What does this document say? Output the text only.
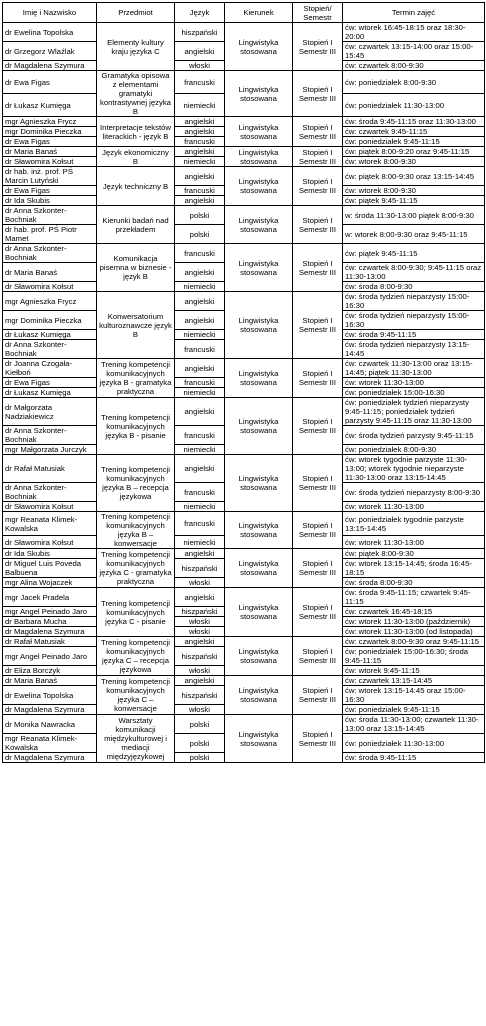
Imię i Nazwisko	Przedmiot	Język	Kierunek	Stopień/ Semestr	Termin zajęć
dr Ewelina Topolska	Elementy kultury kraju języka C	hiszpański	Lingwistyka stosowana	Stopień I Semestr III	ćw: wtorek 16:45-18:15 oraz 18:30-20:00
dr Grzegorz Wlaźlak		angielski			ćw: czwartek 13:15-14:00 oraz 15:00-15:45
dr Magdalena Szymura		włoski			ćw: czwartek 8:00-9:30
dr Ewa Figas	Gramatyka opisowa z elementami gramatyki kontrastywnej języka B	francuski	Lingwistyka stosowana	Stopień I Semestr III	ćw: poniedziałek 8:00-9:30
dr Łukasz Kumięga		niemiecki			ćw: poniedziałek 11:30-13:00
mgr Agnieszka Frycz	Interpretacje tekstów literackich - język B	angielski	Lingwistyka stosowana	Stopień I Semestr III	ćw: środa 9:45-11:15 oraz 11:30-13:00
mgr Dominika Pieczka		angielski			ćw: czwartek 9:45-11:15
dr Ewa Figas		francuski			ćw: poniedziałek 9:45-11:15
dr Maria Banaś	Język ekonomiczny B	angielski	Lingwistyka stosowana	Stopień I Semestr III	ćw: piątek 8:00-9:20 oraz 9:45-11:15
dr Sławomira Kołsut		niemiecki			ćw: wtorek 8:00-9:30
dr hab. inż. prof. PŚ Marcin Lutyński	Język techniczny B	angielski	Lingwistyka stosowana	Stopień I Semestr III	ćw: piątek 8:00-9:30 oraz 13:15-14:45
dr Ewa Figas		francuski			ćw: wtorek 8:00-9:30
dr Ida Skubis		angielski			ćw: piątek 9:45-11:15
dr Anna Szkonter-Bochniak	Kierunki badań nad przekładem	polski	Lingwistyka stosowana	Stopień I Semestr III	w: środa 11:30-13:00 piątek 8:00-9:30
dr hab. prof. PŚ Piotr Mamet		polski			w: wtorek 8:00-9:30 oraz 9:45-11:15
dr Anna Szkonter-Bochniak	Komunikacja pisemna w biznesie - język B	francuski	Lingwistyka stosowana	Stopień I Semestr III	ćw: piątek 9:45-11:15
dr Maria Banaś		angielski			ćw: czwartek 8:00-9:30; 9:45-11:15 oraz 11:30-13:00
dr Sławomira Kołsut		niemiecki			ćw: środa 8:00-9:30
mgr Agnieszka Frycz	Konwersatorium kulturoznawcze język B	angielski	Lingwistyka stosowana	Stopień I Semestr III	ćw: środa tydzień nieparzysty 15:00-16:30
mgr Dominika Pieczka		angielski			ćw: środa tydzień nieparzysty 15:00-16:30
dr Łukasz Kumięga		niemiecki			ćw: środa 9:45-11:15
dr Anna Szkonter-Bochniak		francuski			ćw: środa tydzień nieparzysty 13:15-14:45
dr Joanna Czogała-Kiełboń	Trening kompetencji komunikacyjnych języka B - gramatyka praktyczna	angielski	Lingwistyka stosowana	Stopień I Semestr III	ćw: czwartek 11:30-13:00 oraz 13:15-14:45; piątek 11:30-13:00
dr Ewa Figas		francuski			ćw: wtorek 11:30-13:00
dr Łukasz Kumięga		niemiecki			ćw: poniedziałek 15:00-16:30
dr Małgorzata Nadziakiewicz	Trening kompetencji komunikacyjnych języka B - pisanie	angielski	Lingwistyka stosowana	Stopień I Semestr III	ćw: poniedziałek tydzień nieparzysty 9:45-11:15; poniedziałek tydzień parzysty 9:45-11:15 oraz 11:30-13:00
dr Anna Szkonter-Bochniak		francuski			ćw: środa tydzień parzysty 9:45-11:15
mgr Małgorzata Jurczyk		niemiecki			ćw: poniedziałek 8:00-9:30
dr Rafał Matusiak	Trening kompetencji komunikacyjnych języka B – recepcja językowa	angielski	Lingwistyka stosowana	Stopień I Semestr III	ćw: wtorek tygodnie parzyste 11:30-13:00; wtorek tygodnie nieparzyste 11:30-13:00 oraz 13:15-14:45
dr Anna Szkonter-Bochniak		francuski			ćw: środa tydzień nieparzysty 8:00-9:30
dr Sławomira Kołsut		niemiecki			ćw: wtorek 11:30-13:00
mgr Reanata Klimek-Kowalska	Trening kompetencji komunikacyjnych języka B – konwersacje	francuski	Lingwistyka stosowana	Stopień I Semestr III	ćw: poniedziałek tygodnie parzyste 13:15-14:45
dr Sławomira Kołsut		niemiecki			ćw: wtorek 11:30-13:00
dr Ida Skubis	Trening kompetencji komunikacyjnych języka C - gramatyka praktyczna	angielski	Lingwistyka stosowana	Stopień I Semestr III	ćw: piątek 8:00-9:30
dr Miguel Luis Poveda Balbuena		hiszpański			ćw: wtorek 13:15-14:45; środa 16:45-18:15
mgr Alina Wojaczek		włoski			ćw: środa 8:00-9:30
mgr Jacek Pradela	Trening kompetencji komunikacyjnych języka C - pisanie	angielski	Lingwistyka stosowana	Stopień I Semestr III	ćw: środa 9:45-11:15; czwartek 9:45-11:15
mgr Angel Peinado Jaro		hiszpański			ćw: czwartek 16:45-18:15
dr Barbara Mucha		włoski			ćw: wtorek 11:30-13:00 (październik)
dr Magdalena Szymura		włoski			ćw: wtorek 11:30-13:00 (od listopada)
dr Rafał Matusiak	Trening kompetencji komunikacyjnych języka C – recepcja językowa	angielski	Lingwistyka stosowana	Stopień I Semestr III	ćw: czwartek 8:00-9:30 oraz 9:45-11:15
mgr Angel Peinado Jaro		hiszpański			ćw: poniedziałek 15:00-16:30; środa 9:45-11:15
dr Eliza Borczyk		włoski			ćw: wtorek 9:45-11:15
dr Maria Banaś	Trening kompetencji komunikacyjnych języka C – konwersacje	angielski	Lingwistyka stosowana	Stopień I Semestr III	ćw: czwartek 13:15-14:45
dr Ewelina Topolska		hiszpański			ćw: wtorek 13:15-14:45 oraz 15:00-16:30
dr Magdalena Szymura		włoski			ćw: poniedziałek 9:45-11:15
dr Monika Nawracka	Warsztaty komunikacji międzykulturowej i mediacji międzyjęzykowej	polski	Lingwistyka stosowana	Stopień I Semestr III	ćw: środa 11:30-13:00; czwartek 11:30-13:00 oraz 13:15-14:45
mgr Reanata Klimek-Kowalska		polski			ćw: poniedziałek 11:30-13:00
dr Magdalena Szymura		polski			ćw: środa 9:45-11:15
